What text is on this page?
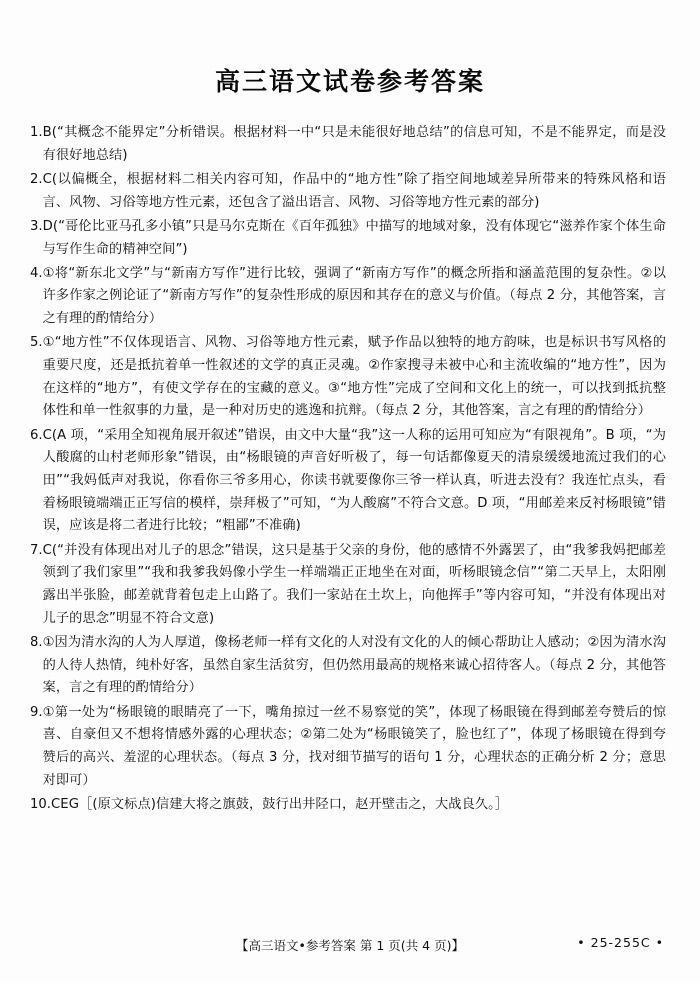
高三语文试卷参考答案
1. B(“其概念不能界定”分析错误。根据材料一中“只是未能很好地总结”的信息可知，不是不能界定，而是没有很好地总结)
2. C(以偏概全，根据材料二相关内容可知，作品中的“地方性”除了指空间地域差异所带来的特殊风格和语言、风物、习俗等地方性元素，还包含了溢出语言、风物、习俗等地方性元素的部分)
3. D(“哥伦比亚马孔多小镇”只是马尔克斯在《百年孤独》中描写的地域对象，没有体现它“滋养作家个体生命与写作生命的精神空间”)
4. ①将“新东北文学”与“新南方写作”进行比较，强调了“新南方写作”的概念所指和涵盖范围的复杂性。②以许多作家之例论证了“新南方写作”的复杂性形成的原因和其存在的意义与价值。（每点 2 分，其他答案，言之有理的酌情给分）
5. ①“地方性”不仅体现语言、风物、习俗等地方性元素，赋予作品以独特的地方韵味，也是标识书写风格的重要尺度，还是抵抗着单一性叙述的文学的真正灵魂。②作家搜寻未被中心和主流收编的“地方性”，因为在这样的“地方”，有使文学存在的宝藏的意义。③“地方性”完成了空间和文化上的统一，可以找到抵抗整体性和单一性叙事的力量，是一种对历史的逃逸和抗辩。（每点 2 分，其他答案，言之有理的酌情给分）
6. C(A 项，“采用全知视角展开叙述”错误，由文中大量“我”这一人称的运用可知应为“有限视角”。B 项，“为人酸腐的山村老师形象”错误，由“杨眼镜的声音好听极了，每一句话都像夏天的清泉缓缓地流过我们的心田”“我妈低声对我说，你看你三爷多用心，你读书就要像你三爷一样认真，听进去没有？我连忙点头，看着杨眼镜端端正正写信的模样，崇拜极了”可知，“为人酸腐”不符合文意。D 项，“用邮差来反衬杨眼镜”错误，应该是将二者进行比较；“粗鄙”不准确)
7. C(“并没有体现出对儿子的思念”错误，这只是基于父亲的身份，他的感情不外露罢了，由“我爹我妈把邮差领到了我们家里”“我和我爹我妈像小学生一样端端正正地坐在对面，听杨眼镜念信”“第二天早上，太阳刚露出半张脸，邮差就背着包走上山路了。我们一家站在土坎上，向他挥手”等内容可知，“并没有体现出对儿子的思念”明显不符合文意)
8. ①因为清水沟的人为人厚道，像杨老师一样有文化的人对没有文化的人的倾心帮助让人感动；②因为清水沟的人待人热情，纯朴好客，虽然自家生活贫穷，但仍然用最高的规格来诚心招待客人。（每点 2 分，其他答案，言之有理的酌情给分）
9. ①第一处为“杨眼镜的眼睛亮了一下，嘴角掠过一丝不易察觉的笑”，体现了杨眼镜在得到邮差夸赞后的惊喜、自豪但又不想将情感外露的心理状态；②第二处为“杨眼镜笑了，脸也红了”，体现了杨眼镜在得到夸赞后的高兴、羞涩的心理状态。（每点 3 分，找对细节描写的语句 1 分，心理状态的正确分析 2 分；意思对即可）
10. CEG［(原文标点)信建大将之旗鼓，鼓行出井陉口，赵开壁击之，大战良久。］
【高三语文•参考答案 第 1 页(共 4 页)】	• 25-255C •
